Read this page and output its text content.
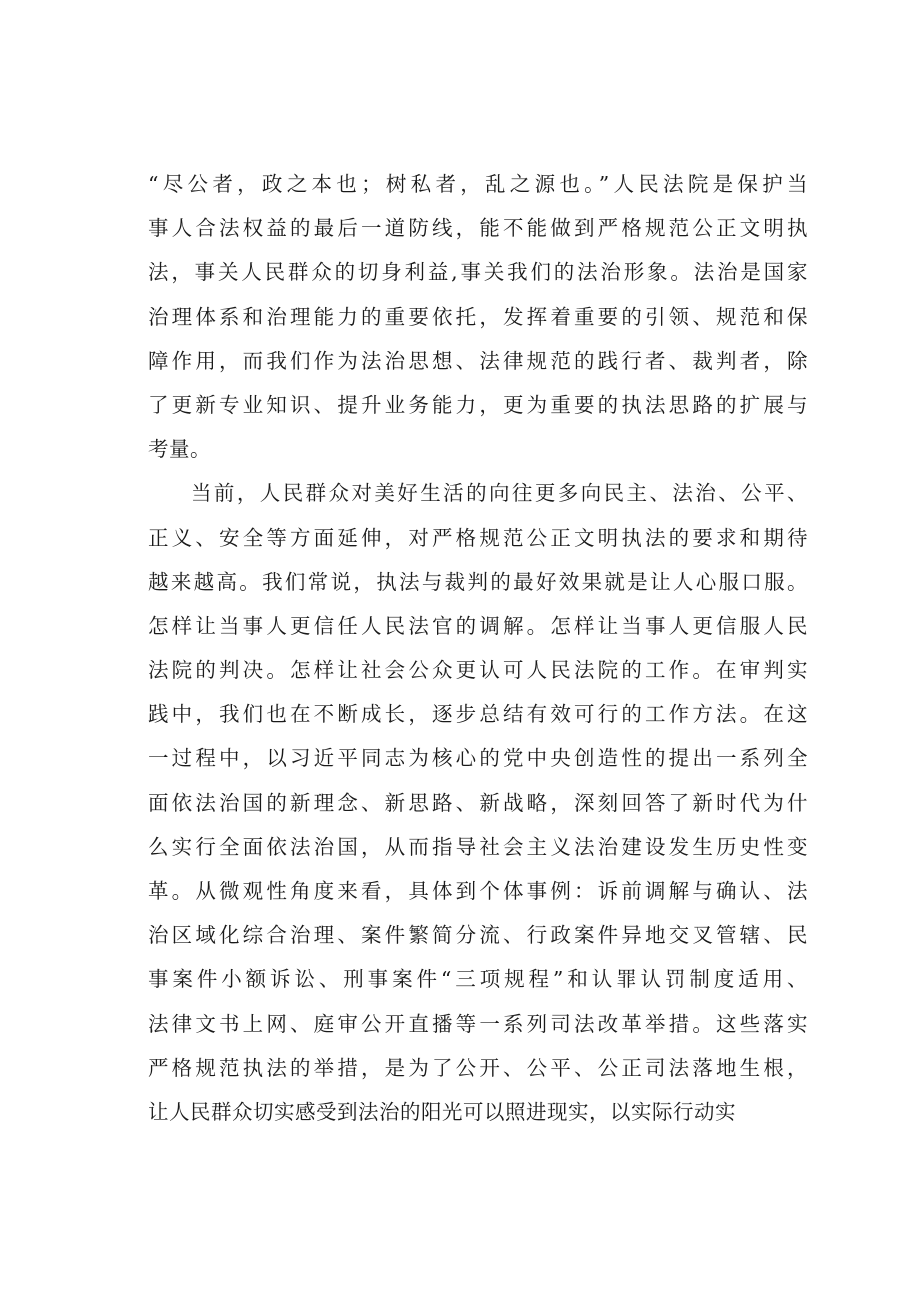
“尽公者，政之本也；树私者，乱之源也。”人民法院是保护当
事人合法权益的最后一道防线，能不能做到严格规范公正文明执
法，事关人民群众的切身利益,事关我们的法治形象。法治是国家
治理体系和治理能力的重要依托，发挥着重要的引领、规范和保
障作用，而我们作为法治思想、法律规范的践行者、裁判者，除
了更新专业知识、提升业务能力，更为重要的执法思路的扩展与
考量。
当前，人民群众对美好生活的向往更多向民主、法治、公平、
正义、安全等方面延伸，对严格规范公正文明执法的要求和期待
越来越高。我们常说，执法与裁判的最好效果就是让人心服口服。
怎样让当事人更信任人民法官的调解。怎样让当事人更信服人民
法院的判决。怎样让社会公众更认可人民法院的工作。在审判实
践中，我们也在不断成长，逐步总结有效可行的工作方法。在这
一过程中，以习近平同志为核心的党中央创造性的提出一系列全
面依法治国的新理念、新思路、新战略，深刻回答了新时代为什
么实行全面依法治国，从而指导社会主义法治建设发生历史性变
革。从微观性角度来看，具体到个体事例：诉前调解与确认、法
治区域化综合治理、案件繁简分流、行政案件异地交叉管辖、民
事案件小额诉讼、刑事案件“三项规程”和认罪认罚制度适用、
法律文书上网、庭审公开直播等一系列司法改革举措。这些落实
严格规范执法的举措，是为了公开、公平、公正司法落地生根，
让人民群众切实感受到法治的阳光可以照进现实，以实际行动实
